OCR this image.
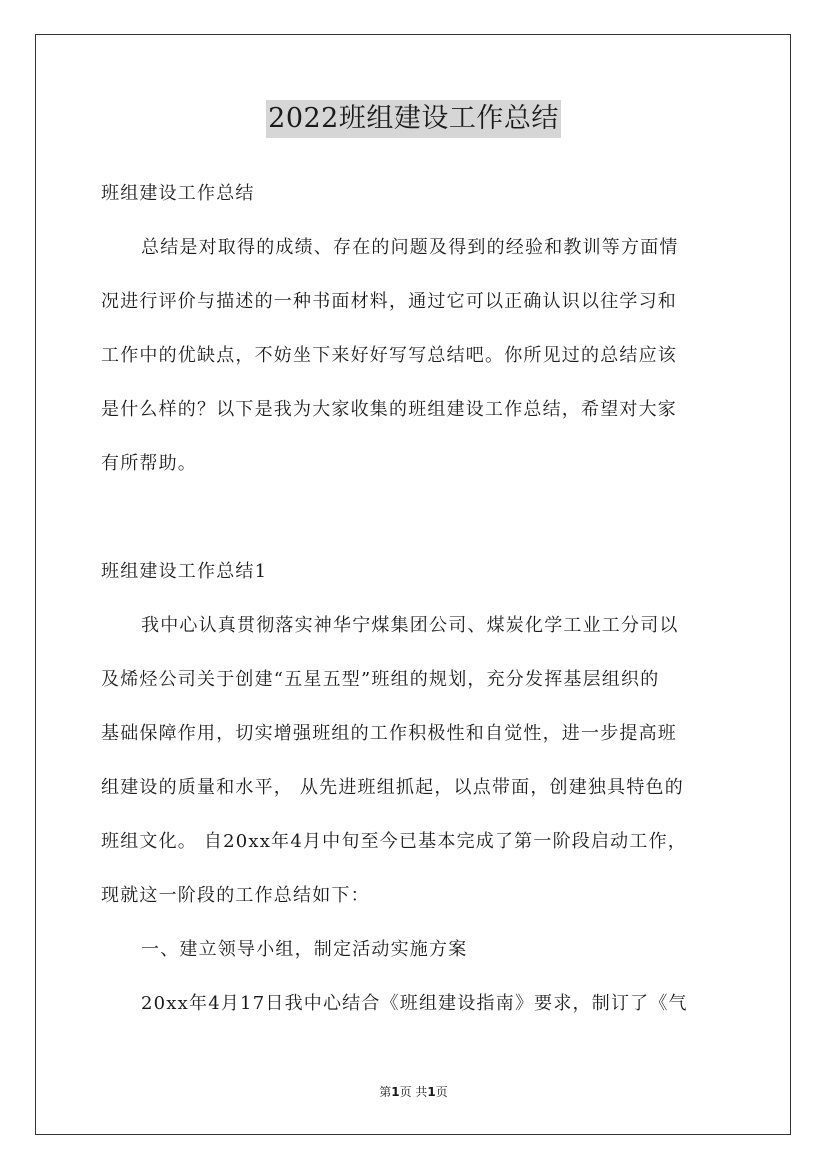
2022班组建设工作总结
班组建设工作总结
总结是对取得的成绩、存在的问题及得到的经验和教训等方面情
况进行评价与描述的一种书面材料，通过它可以正确认识以往学习和
工作中的优缺点，不妨坐下来好好写写总结吧。你所见过的总结应该
是什么样的？以下是我为大家收集的班组建设工作总结，希望对大家
有所帮助。
班组建设工作总结1
我中心认真贯彻落实神华宁煤集团公司、煤炭化学工业工分司以
及烯烃公司关于创建“五星五型”班组的规划，充分发挥基层组织的
基础保障作用，切实增强班组的工作积极性和自觉性，进一步提高班
组建设的质量和水平， 从先进班组抓起，以点带面，创建独具特色的
班组文化。 自20xx年4月中旬至今已基本完成了第一阶段启动工作，
现就这一阶段的工作总结如下：
一、建立领导小组，制定活动实施方案
20xx年4月17日我中心结合《班组建设指南》要求，制订了《气
第1页 共1页
